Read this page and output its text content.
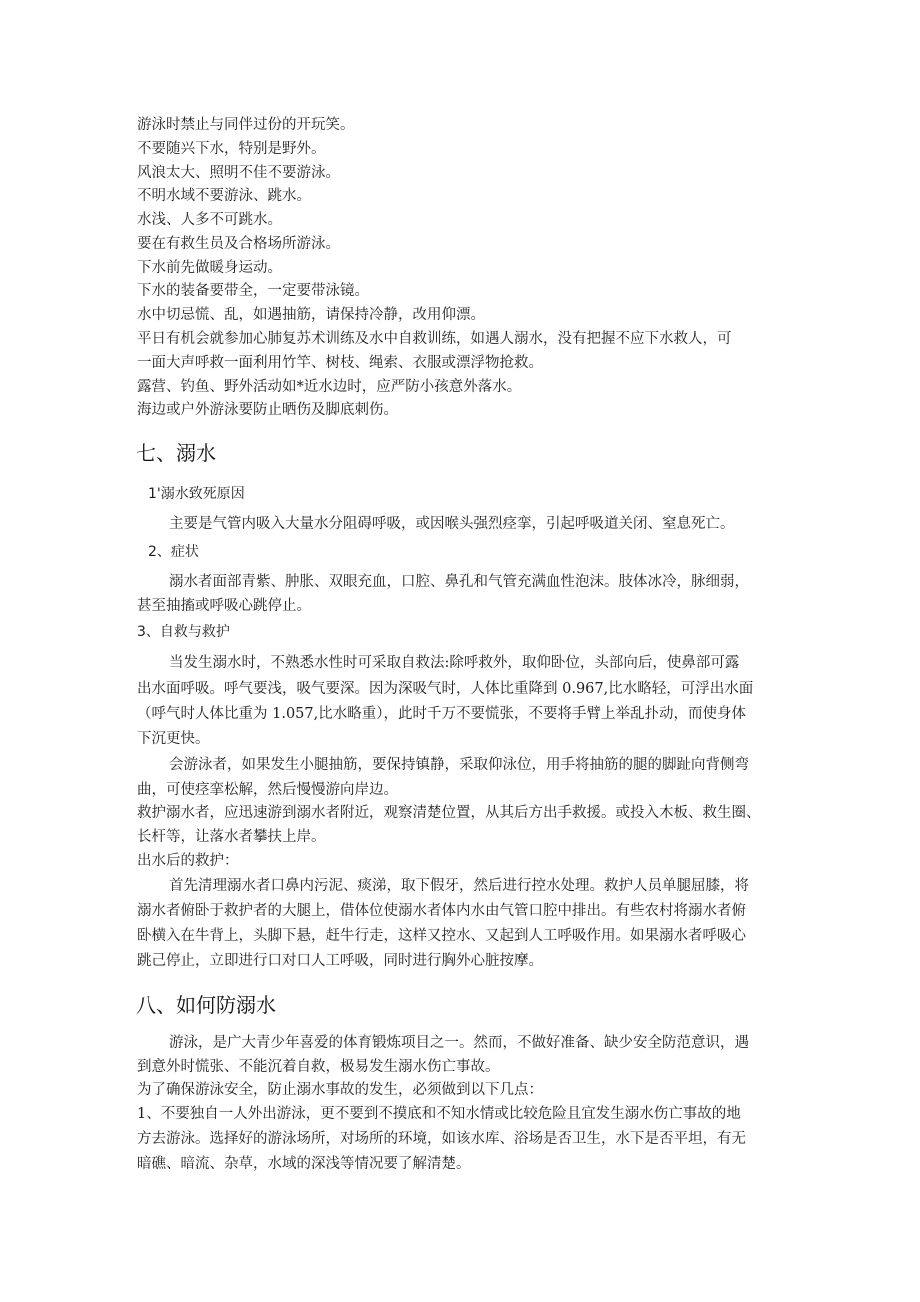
游泳时禁止与同伴过份的开玩笑。
不要随兴下水，特别是野外。
风浪太大、照明不佳不要游泳。
不明水域不要游泳、跳水。
水浅、人多不可跳水。
要在有救生员及合格场所游泳。
下水前先做暖身运动。
下水的装备要带全，一定要带泳镜。
水中切忌慌、乱，如遇抽筋，请保持冷静，改用仰漂。
平日有机会就参加心肺复苏术训练及水中自救训练，如遇人溺水，没有把握不应下水救人，可
一面大声呼救一面利用竹竿、树枝、绳索、衣服或漂浮物抢救。
露营、钓鱼、野外活动如*近水边时，应严防小孩意外落水。
海边或户外游泳要防止晒伤及脚底刺伤。
七、溺水
1'溺水致死原因
主要是气管内吸入大量水分阻碍呼吸，或因喉头强烈痉挛，引起呼吸道关闭、窒息死亡。
2、症状
溺水者面部青紫、肿胀、双眼充血，口腔、鼻孔和气管充满血性泡沫。肢体冰冷，脉细弱，
甚至抽搐或呼吸心跳停止。
3、自救与救护
当发生溺水时，不熟悉水性时可采取自救法:除呼救外，取仰卧位，头部向后，使鼻部可露
出水面呼吸。呼气要浅，吸气要深。因为深吸气时，人体比重降到 0.967,比水略轻，可浮出水面
（呼气时人体比重为 1.057,比水略重），此时千万不要慌张，不要将手臂上举乱扑动，而使身体
下沉更快。
会游泳者，如果发生小腿抽筋，要保持镇静，采取仰泳位，用手将抽筋的腿的脚趾向背侧弯
曲，可使痉挛松解，然后慢慢游向岸边。
救护溺水者，应迅速游到溺水者附近，观察清楚位置，从其后方出手救援。或投入木板、救生圈、
长杆等，让落水者攀扶上岸。
出水后的救护：
首先清理溺水者口鼻内污泥、痰涕，取下假牙，然后进行控水处理。救护人员单腿屈膝，将
溺水者俯卧于救护者的大腿上，借体位使溺水者体内水由气管口腔中排出。有些农村将溺水者俯
卧横入在牛背上，头脚下悬，赶牛行走，这样又控水、又起到人工呼吸作用。如果溺水者呼吸心
跳己停止，立即进行口对口人工呼吸，同时进行胸外心脏按摩。
八、如何防溺水
游泳，是广大青少年喜爱的体育锻炼项目之一。然而，不做好准备、缺少安全防范意识，遇
到意外时慌张、不能沉着自救，极易发生溺水伤亡事故。
为了确保游泳安全，防止溺水事故的发生，必须做到以下几点：
1、不要独自一人外出游泳，更不要到不摸底和不知水情或比较危险且宜发生溺水伤亡事故的地
方去游泳。选择好的游泳场所，对场所的环境，如该水库、浴场是否卫生，水下是否平坦，有无
暗礁、暗流、杂草，水域的深浅等情况要了解清楚。
